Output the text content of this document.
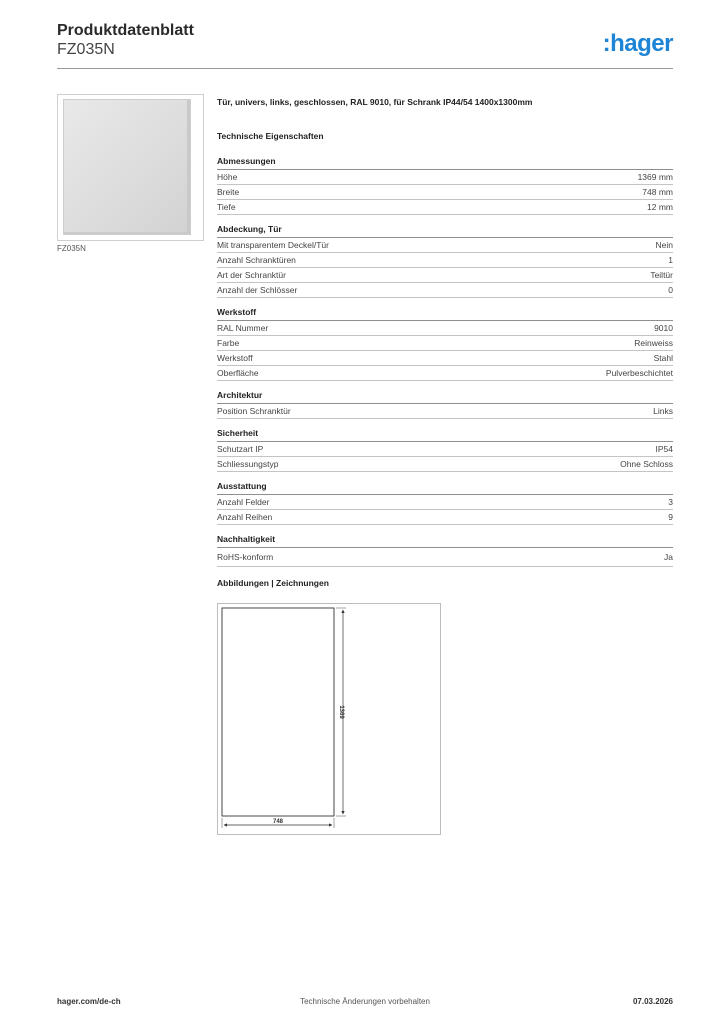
Produktdatenblatt
FZ035N	:hager
FZ035N
Tür, univers, links, geschlossen, RAL 9010, für Schrank IP44/54 1400x1300mm
Technische Eigenschaften
Abmessungen
Höhe	1369 mm
Breite	748 mm
Tiefe	12 mm
Abdeckung, Tür
Mit transparentem Deckel/Tür	Nein
Anzahl Schranktüren	1
Art der Schranktür	Teiltür
Anzahl der Schlösser	0
Werkstoff
RAL Nummer	9010
Farbe	Reinweiss
Werkstoff	Stahl
Oberfläche	Pulverbeschichtet
Architektur
Position Schranktür	Links
Sicherheit
Schutzart IP	IP54
Schliessungstyp	Ohne Schloss
Ausstattung
Anzahl Felder	3
Anzahl Reihen	9
Nachhaltigkeit
RoHS-konform	Ja
Abbildungen | Zeichnungen
1369
748
hager.com/de-ch	Technische Änderungen vorbehalten	07.03.2026
